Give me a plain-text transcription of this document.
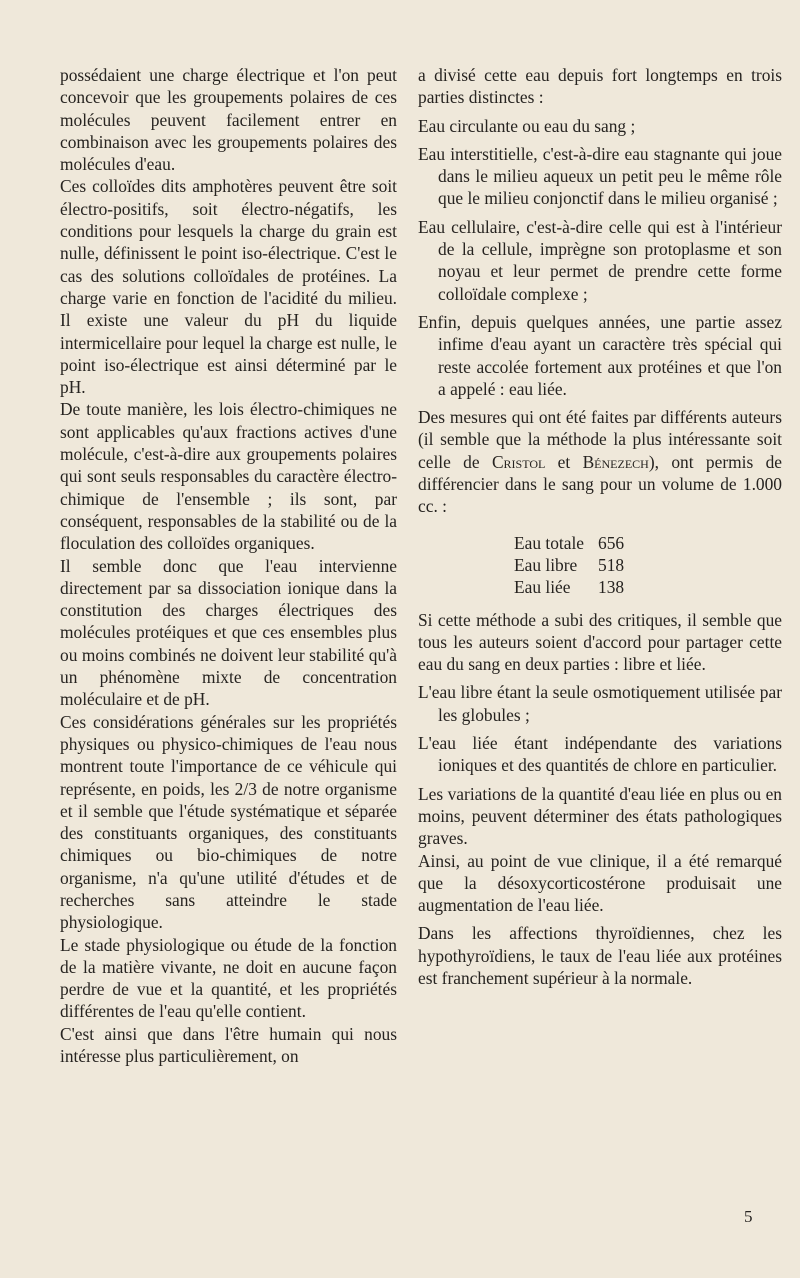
possédaient une charge électrique et l'on peut concevoir que les groupements polaires de ces molécules peuvent facilement entrer en combinaison avec les groupements polaires des molécules d'eau.

Ces colloïdes dits amphotères peuvent être soit électro-positifs, soit électro-négatifs, les conditions pour lesquels la charge du grain est nulle, définissent le point iso-électrique. C'est le cas des solutions colloïdales de protéines. La charge varie en fonction de l'acidité du milieu. Il existe une valeur du pH du liquide intermicellaire pour lequel la charge est nulle, le point iso-électrique est ainsi déterminé par le pH.

De toute manière, les lois électro-chimiques ne sont applicables qu'aux fractions actives d'une molécule, c'est-à-dire aux groupements polaires qui sont seuls responsables du caractère électro-chimique de l'ensemble ; ils sont, par conséquent, responsables de la stabilité ou de la floculation des colloïdes organiques.

Il semble donc que l'eau intervienne directement par sa dissociation ionique dans la constitution des charges électriques des molécules protéiques et que ces ensembles plus ou moins combinés ne doivent leur stabilité qu'à un phénomène mixte de concentration moléculaire et de pH.

Ces considérations générales sur les propriétés physiques ou physico-chimiques de l'eau nous montrent toute l'importance de ce véhicule qui représente, en poids, les 2/3 de notre organisme et il semble que l'étude systématique et séparée des constituants organiques, des constituants chimiques ou bio-chimiques de notre organisme, n'a qu'une utilité d'études et de recherches sans atteindre le stade physiologique.

Le stade physiologique ou étude de la fonction de la matière vivante, ne doit en aucune façon perdre de vue et la quantité, et les propriétés différentes de l'eau qu'elle contient.

C'est ainsi que dans l'être humain qui nous intéresse plus particulièrement, on

a divisé cette eau depuis fort longtemps en trois parties distinctes :

Eau circulante ou eau du sang ;

Eau interstitielle, c'est-à-dire eau stagnante qui joue dans le milieu aqueux un petit peu le même rôle que le milieu conjonctif dans le milieu organisé ;

Eau cellulaire, c'est-à-dire celle qui est à l'intérieur de la cellule, imprègne son protoplasme et son noyau et leur permet de prendre cette forme colloïdale complexe ;

Enfin, depuis quelques années, une partie assez infime d'eau ayant un caractère très spécial qui reste accolée fortement aux protéines et que l'on a appelé : eau liée.

Des mesures qui ont été faites par différents auteurs (il semble que la méthode la plus intéressante soit celle de Cristol et Bénezech), ont permis de différencier dans le sang pour un volume de 1.000 cc. :

Eau totale	656
Eau libre	518
Eau liée	138

Si cette méthode a subi des critiques, il semble que tous les auteurs soient d'accord pour partager cette eau du sang en deux parties : libre et liée.

L'eau libre étant la seule osmotiquement utilisée par les globules ;

L'eau liée étant indépendante des variations ioniques et des quantités de chlore en particulier.

Les variations de la quantité d'eau liée en plus ou en moins, peuvent déterminer des états pathologiques graves.

Ainsi, au point de vue clinique, il a été remarqué que la désoxycorticostérone produisait une augmentation de l'eau liée.

Dans les affections thyroïdiennes, chez les hypothyroïdiens, le taux de l'eau liée aux protéines est franchement supérieur à la normale.

5
